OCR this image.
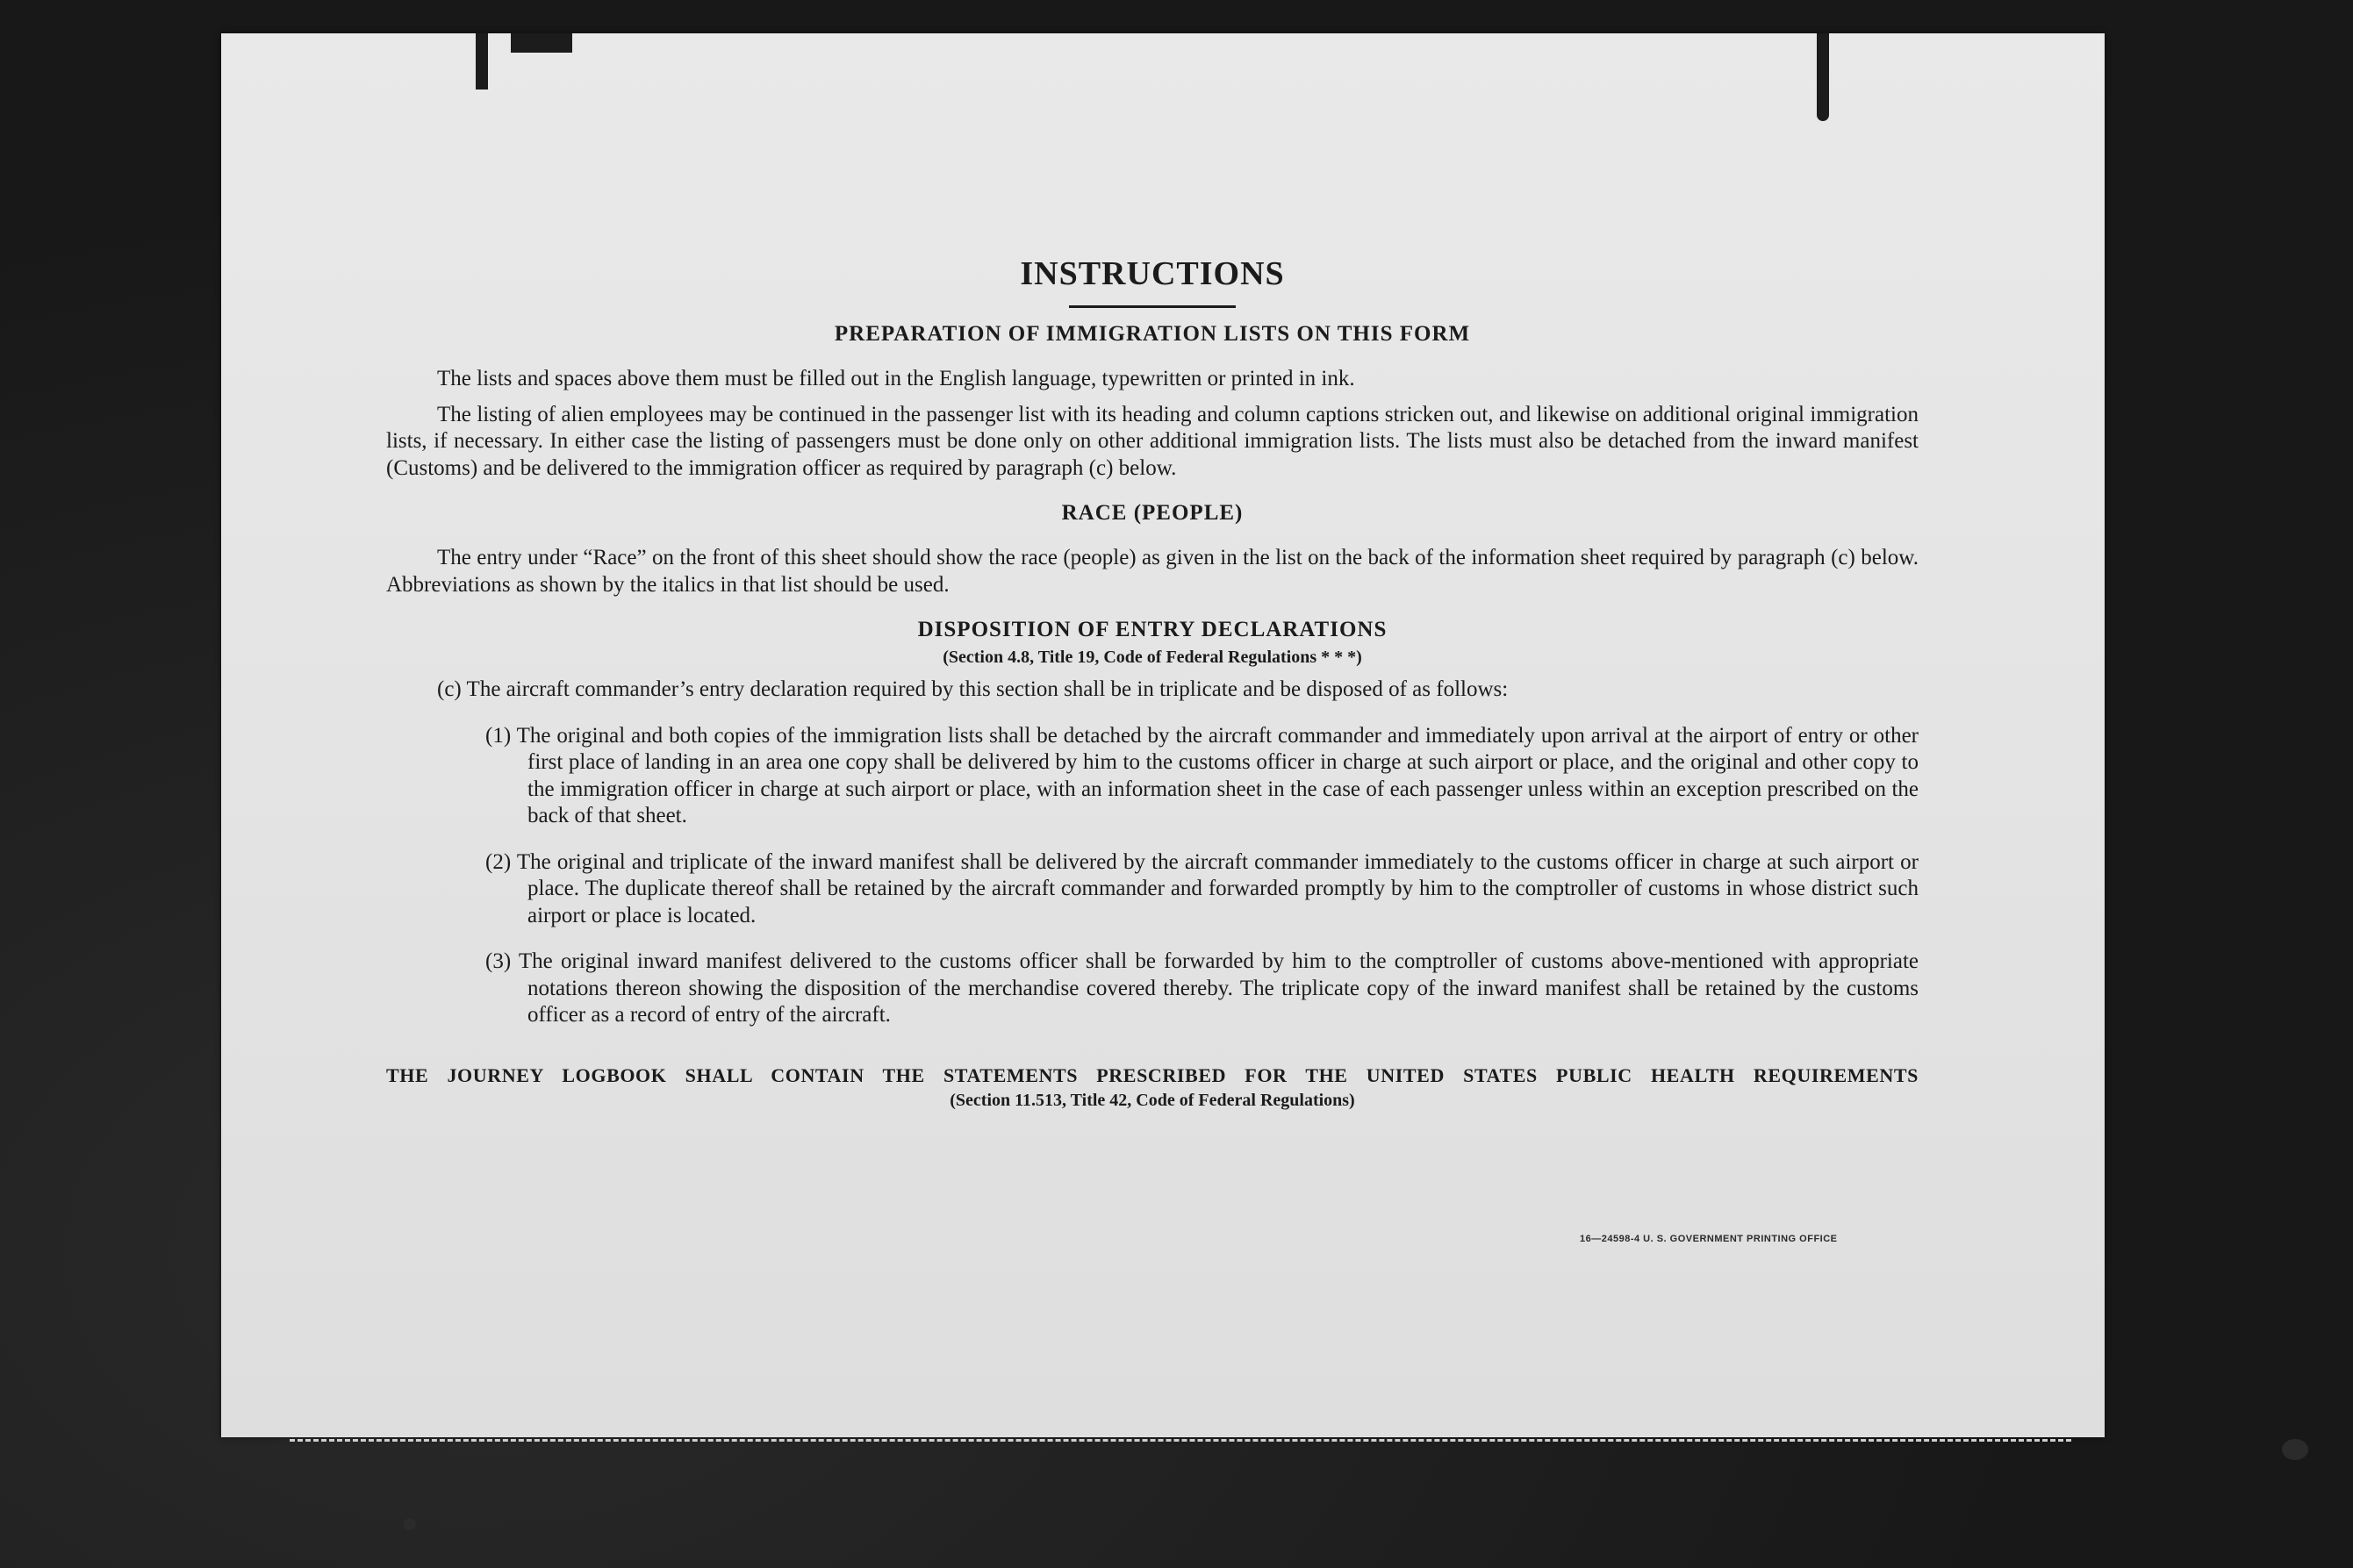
INSTRUCTIONS
PREPARATION OF IMMIGRATION LISTS ON THIS FORM

The lists and spaces above them must be filled out in the English language, typewritten or printed in ink.

The listing of alien employees may be continued in the passenger list with its heading and column captions stricken out, and likewise on additional original immigration lists, if necessary. In either case the listing of passengers must be done only on other additional immigration lists. The lists must also be detached from the inward manifest (Customs) and be delivered to the immigration officer as required by paragraph (c) below.

RACE (PEOPLE)

The entry under “Race” on the front of this sheet should show the race (people) as given in the list on the back of the information sheet required by paragraph (c) below. Abbreviations as shown by the italics in that list should be used.

DISPOSITION OF ENTRY DECLARATIONS
(Section 4.8, Title 19, Code of Federal Regulations * * *)

(c) The aircraft commander’s entry declaration required by this section shall be in triplicate and be disposed of as follows:

(1) The original and both copies of the immigration lists shall be detached by the aircraft commander and immediately upon arrival at the airport of entry or other first place of landing in an area one copy shall be delivered by him to the customs officer in charge at such airport or place, and the original and other copy to the immigration officer in charge at such airport or place, with an information sheet in the case of each passenger unless within an exception prescribed on the back of that sheet.

(2) The original and triplicate of the inward manifest shall be delivered by the aircraft commander immediately to the customs officer in charge at such airport or place. The duplicate thereof shall be retained by the aircraft commander and forwarded promptly by him to the comptroller of customs in whose district such airport or place is located.

(3) The original inward manifest delivered to the customs officer shall be forwarded by him to the comptroller of customs above-mentioned with appropriate notations thereon showing the disposition of the merchandise covered thereby. The triplicate copy of the inward manifest shall be retained by the customs officer as a record of entry of the aircraft.

THE JOURNEY LOGBOOK SHALL CONTAIN THE STATEMENTS PRESCRIBED FOR THE UNITED STATES PUBLIC HEALTH REQUIREMENTS
(Section 11.513, Title 42, Code of Federal Regulations)
16—24598-4 U. S. GOVERNMENT PRINTING OFFICE
